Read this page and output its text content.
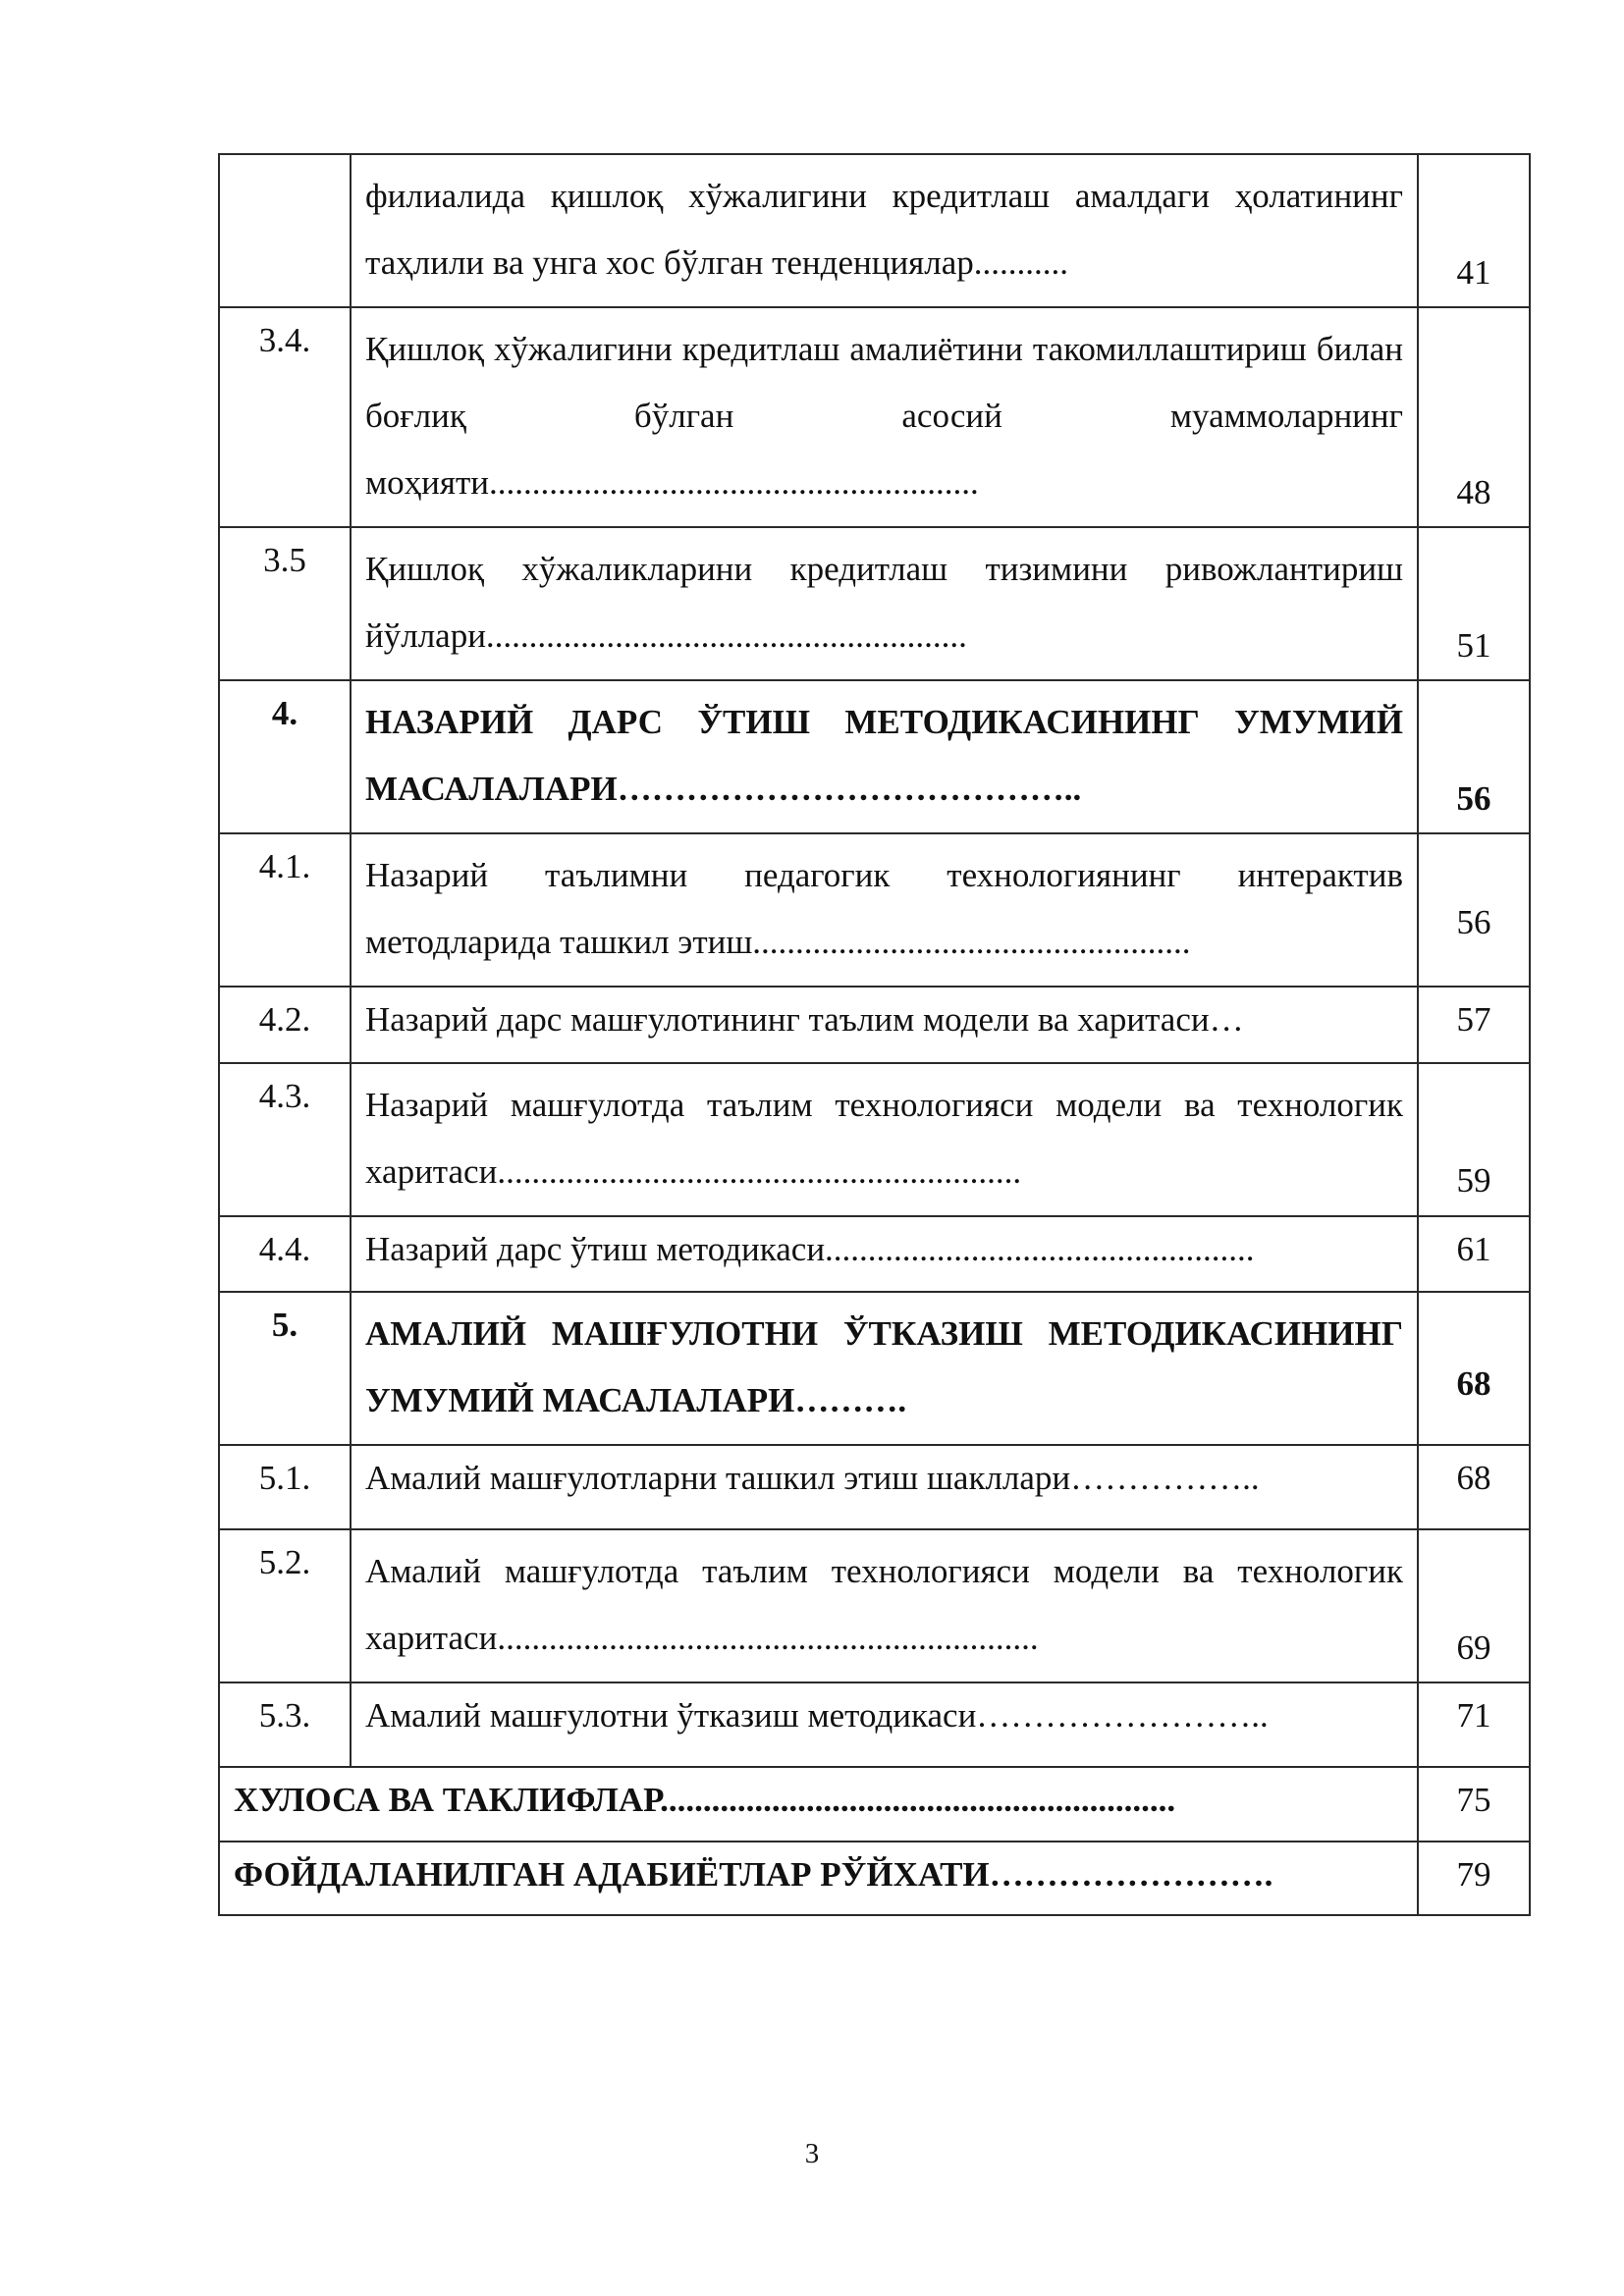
	филиалида қишлоқ хўжалигини кредитлаш амалдаги ҳолатининг таҳлили ва унга хос бўлган тенденциялар...........	41
3.4.	Қишлоқ хўжалигини кредитлаш амалиётини такомиллаштириш билан боғлиқ бўлган асосий муаммоларнинг моҳияти.........................................................	48
3.5	Қишлоқ хўжаликларини кредитлаш тизимини ривожлантириш йўллари........................................................	51
4.	НАЗАРИЙ ДАРС ЎТИШ МЕТОДИКАСИНИНГ УМУМИЙ МАСАЛАЛАРИ…………………………………..	56
4.1.	Назарий таълимни педагогик технологиянинг интерактив методларида ташкил этиш...................................................	56
4.2.	Назарий дарс машғулотининг таълим модели ва харитаси…	57
4.3.	Назарий машғулотда таълим технологияси модели ва технологик харитаси.............................................................	59
4.4.	Назарий дарс ўтиш методикаси..................................................	61
5.	АМАЛИЙ МАШҒУЛОТНИ ЎТКАЗИШ МЕТОДИКАСИНИНГ УМУМИЙ МАСАЛАЛАРИ……….	68
5.1.	Амалий машғулотларни ташкил этиш шакллари……………..	68
5.2.	Амалий машғулотда таълим технологияси модели ва технологик харитаси...............................................................	69
5.3.	Амалий машғулотни ўтказиш методикаси……………………..	71
ХУЛОСА ВА ТАКЛИФЛАР............................................................		75
ФОЙДАЛАНИЛГАН АДАБИЁТЛАР РЎЙХАТИ…………………….		79
3
